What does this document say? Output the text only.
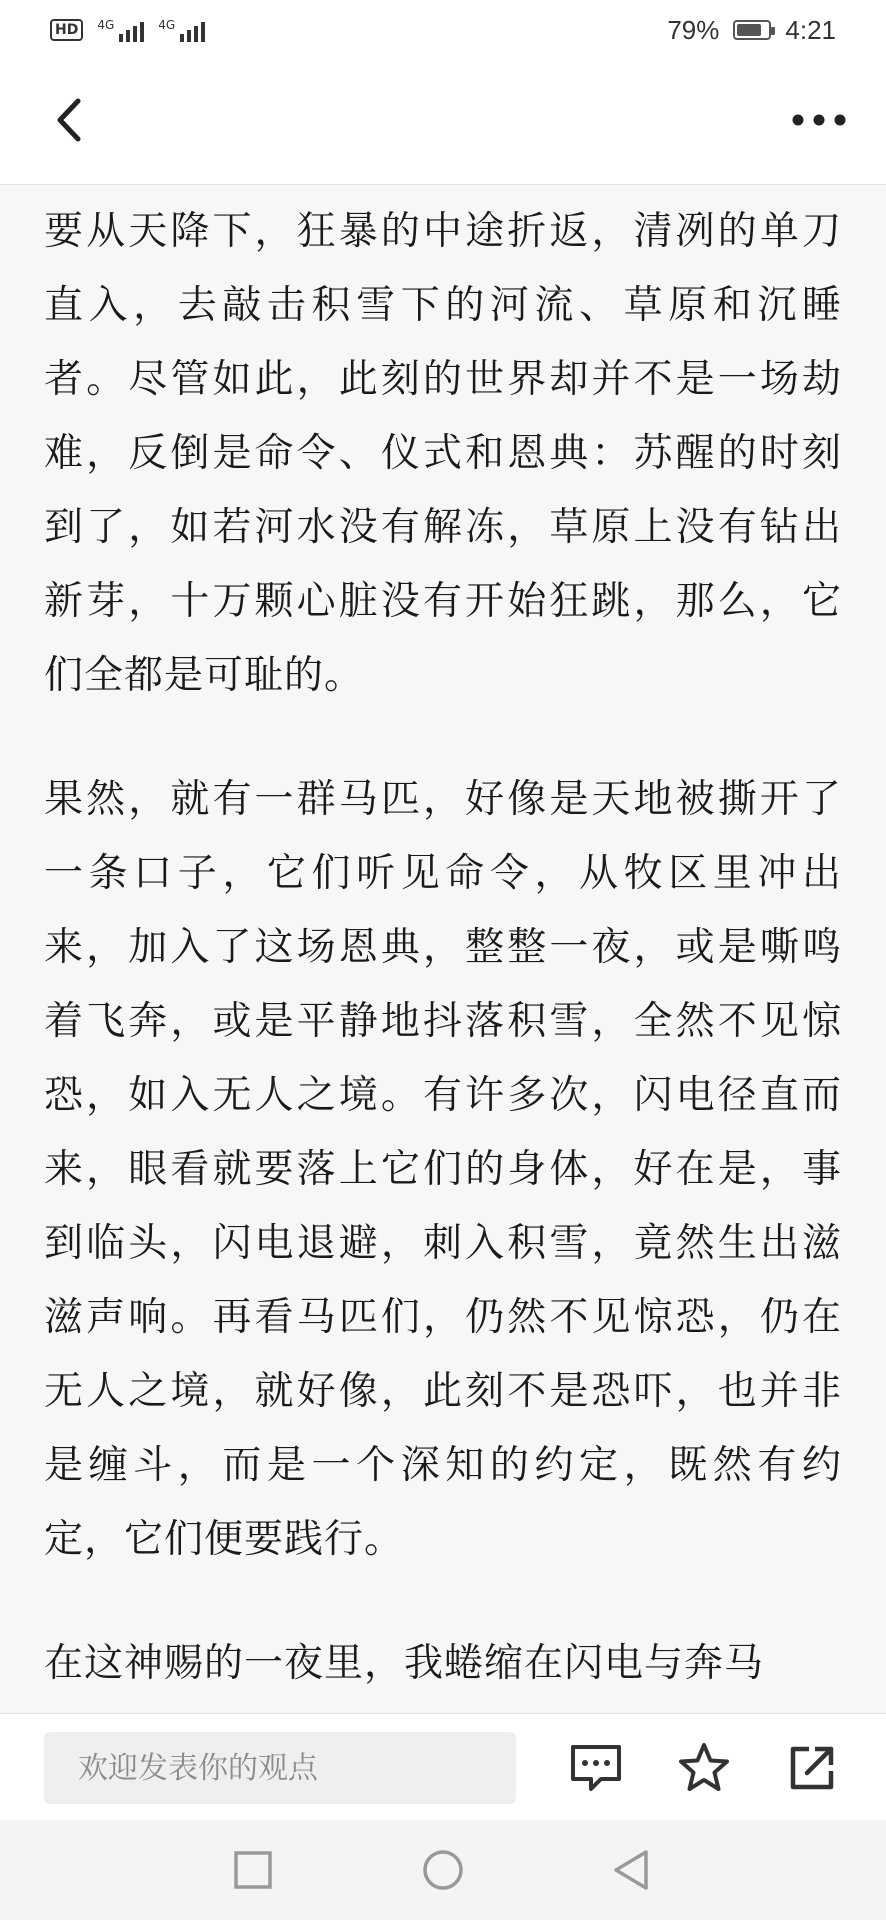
HD	4G	4G	79%	4:21

要从天降下，狂暴的中途折返，清冽的单刀直入，去敲击积雪下的河流、草原和沉睡者。尽管如此，此刻的世界却并不是一场劫难，反倒是命令、仪式和恩典：苏醒的时刻到了，如若河水没有解冻，草原上没有钻出新芽，十万颗心脏没有开始狂跳，那么，它们全都是可耻的。

果然，就有一群马匹，好像是天地被撕开了一条口子，它们听见命令，从牧区里冲出来，加入了这场恩典，整整一夜，或是嘶鸣着飞奔，或是平静地抖落积雪，全然不见惊恐，如入无人之境。有许多次，闪电径直而来，眼看就要落上它们的身体，好在是，事到临头，闪电退避，刺入积雪，竟然生出滋滋声响。再看马匹们，仍然不见惊恐，仍在无人之境，就好像，此刻不是恐吓，也并非是缠斗，而是一个深知的约定，既然有约定，它们便要践行。

在这神赐的一夜里，我蜷缩在闪电与奔马

欢迎发表你的观点
